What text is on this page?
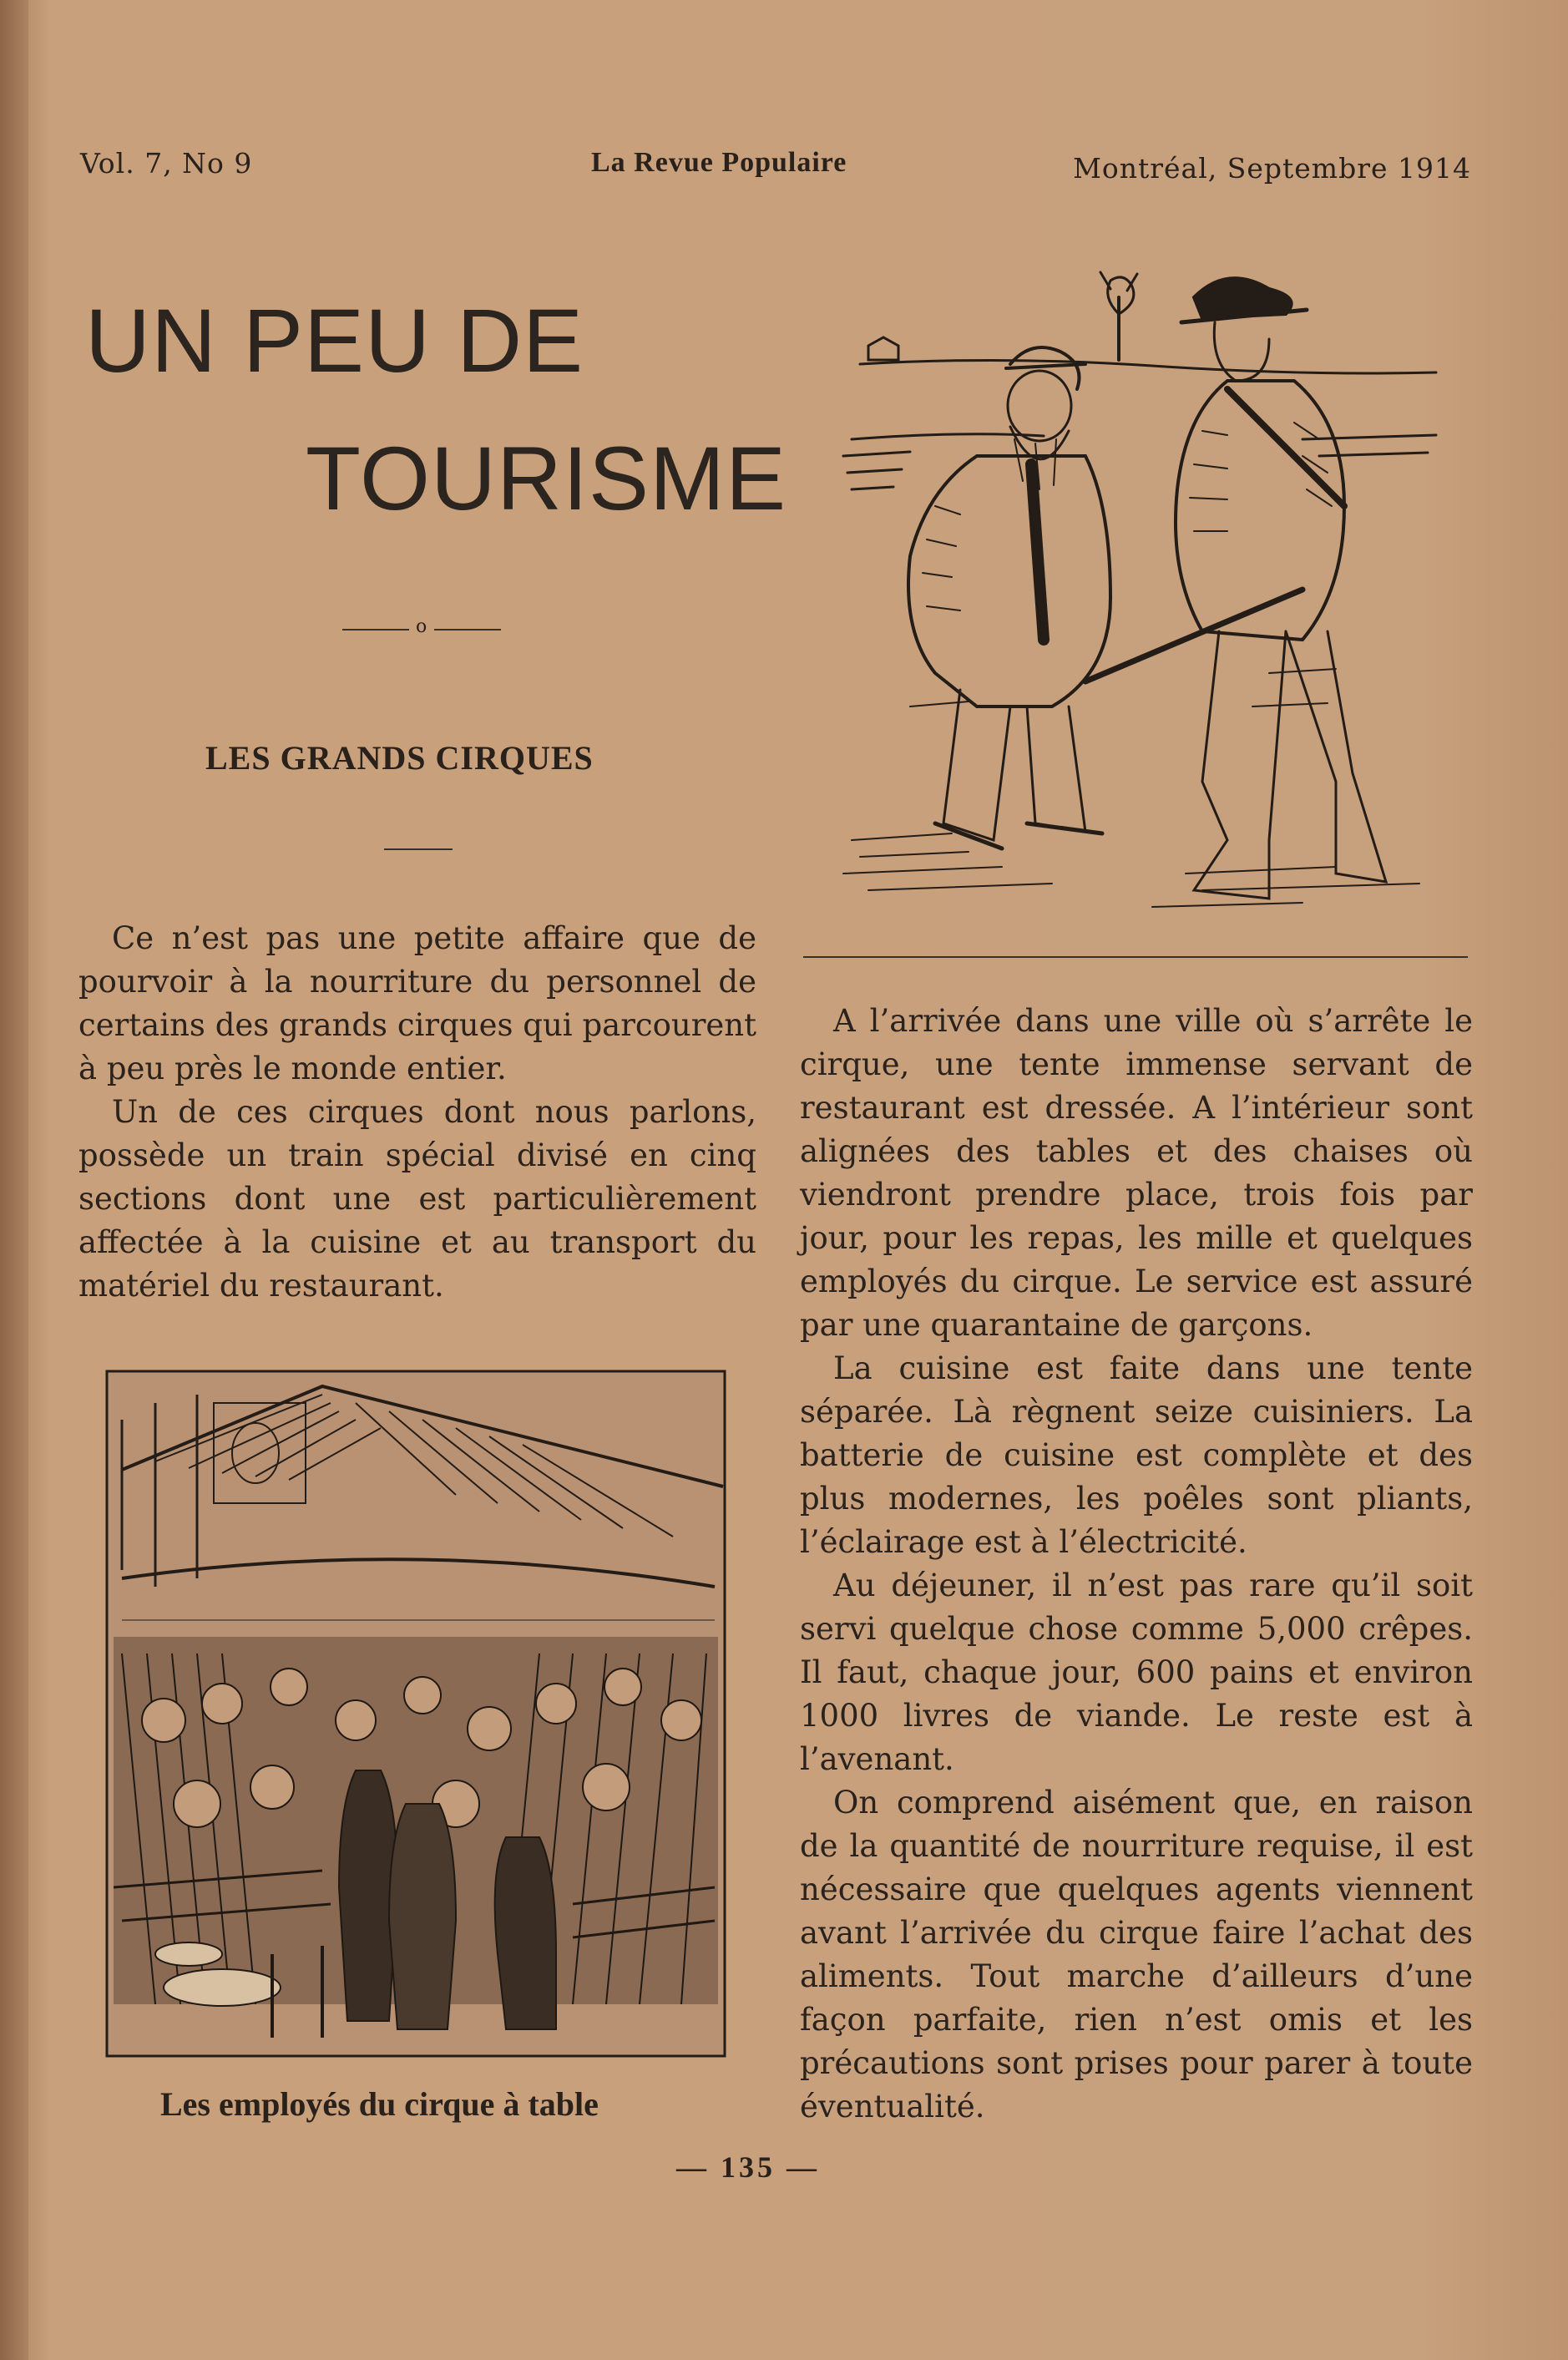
Vol. 7, No 9	La Revue Populaire	Montréal, Septembre 1914
UN PEU DE
TOURISME
o
LES GRANDS CIRQUES

Ce n’est pas une petite affaire que de pourvoir à la nourriture du personnel de certains des grands cirques qui parcourent à peu près le monde entier.

Un de ces cirques dont nous parlons, possède un train spécial divisé en cinq sections dont une est particulièrement affectée à la cuisine et au transport du matériel du restaurant.

Les employés du cirque à table

A l’arrivée dans une ville où s’arrête le cirque, une tente immense servant de restaurant est dressée. A l’intérieur sont alignées des tables et des chaises où viendront prendre place, trois fois par jour, pour les repas, les mille et quelques employés du cirque. Le service est assuré par une quarantaine de garçons.

La cuisine est faite dans une tente séparée. Là règnent seize cuisiniers. La batterie de cuisine est complète et des plus modernes, les poêles sont pliants, l’éclairage est à l’électricité.

Au déjeuner, il n’est pas rare qu’il soit servi quelque chose comme 5,000 crêpes. Il faut, chaque jour, 600 pains et environ 1000 livres de viande. Le reste est à l’avenant.

On comprend aisément que, en raison de la quantité de nourriture requise, il est nécessaire que quelques agents viennent avant l’arrivée du cirque faire l’achat des aliments. Tout marche d’ailleurs d’une façon parfaite, rien n’est omis et les précautions sont prises pour parer à toute éventualité.

— 135 —
